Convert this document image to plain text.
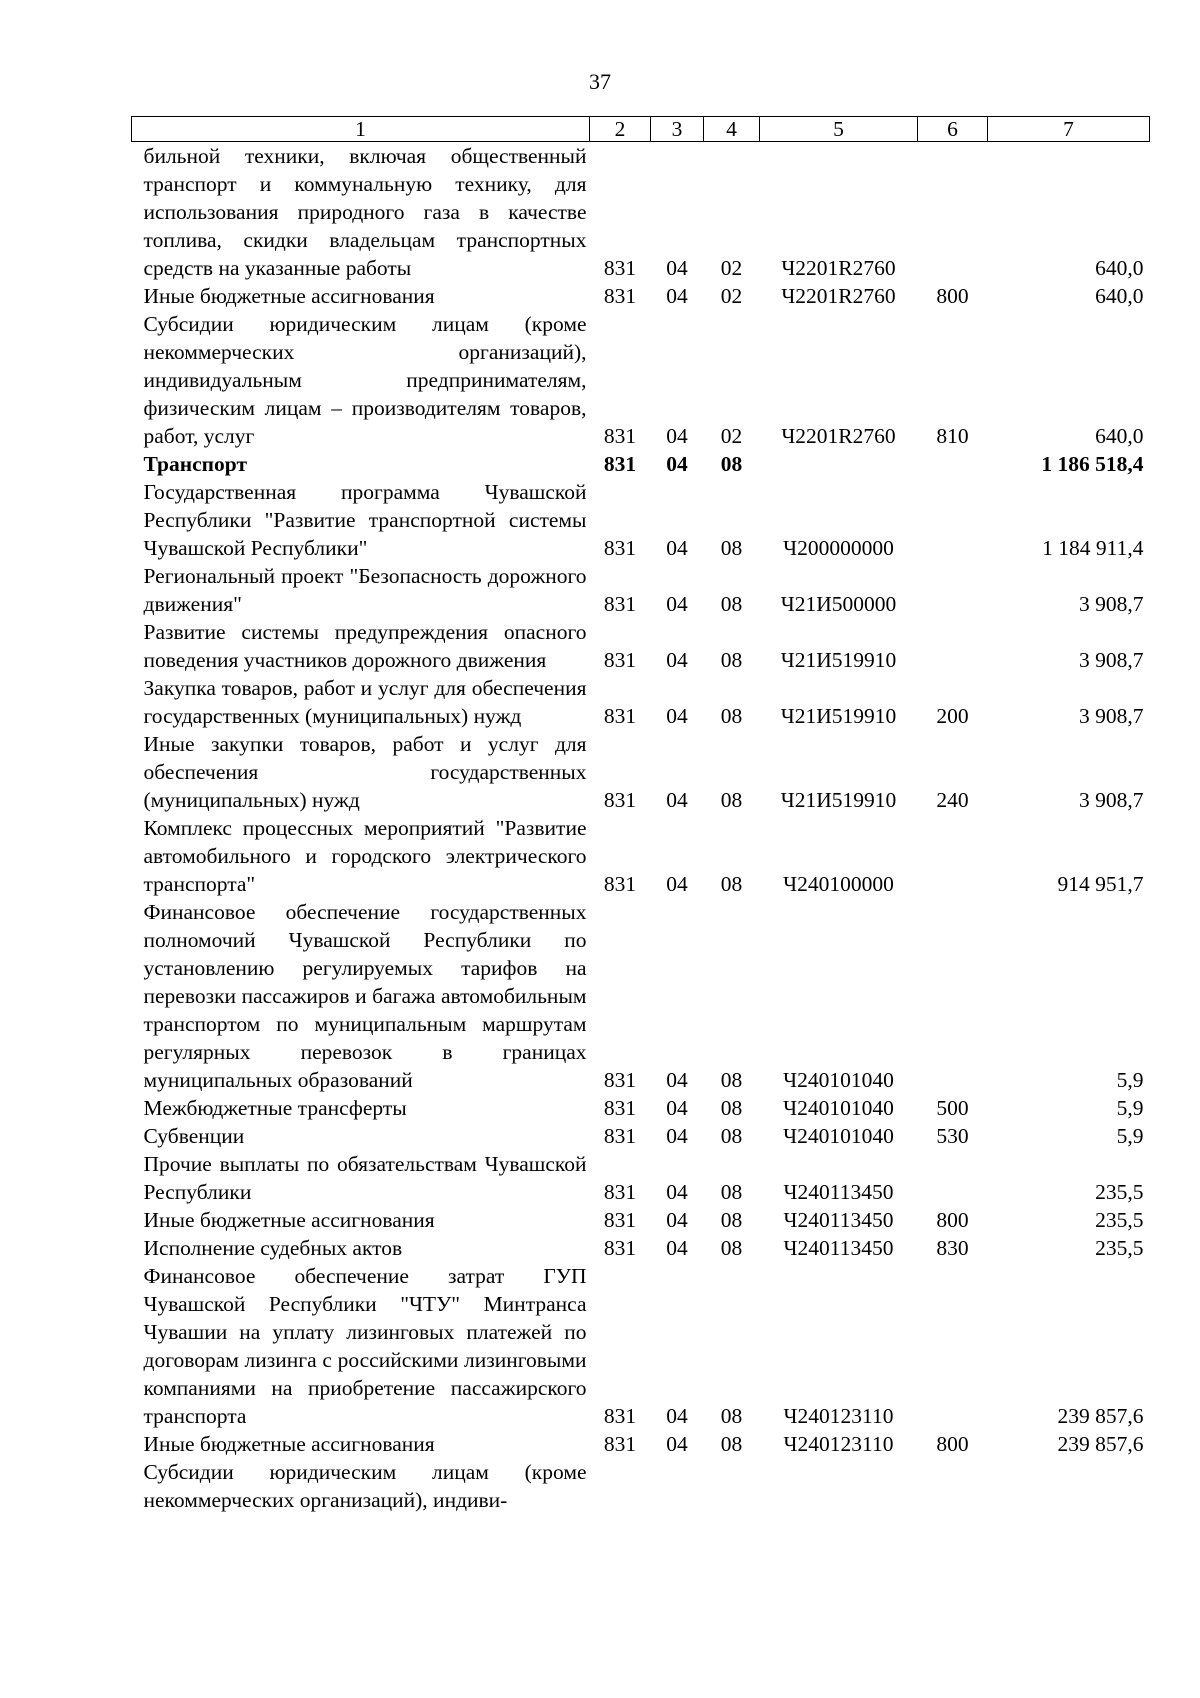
37
1	2	3	4	5	6	7
бильной техники, включая общественный транспорт и коммунальную технику, для использования природного газа в качестве топлива, скидки владельцам транспортных средств на указанные работы	831	04	02	Ч2201R2760		640,0
Иные бюджетные ассигнования	831	04	02	Ч2201R2760	800	640,0
Субсидии юридическим лицам (кроме некоммерческих организаций), индивидуальным предпринимателям, физическим лицам – производителям товаров, работ, услуг	831	04	02	Ч2201R2760	810	640,0
Транспорт	831	04	08			1 186 518,4
Государственная программа Чувашской Республики "Развитие транспортной системы Чувашской Республики"	831	04	08	Ч200000000		1 184 911,4
Региональный проект "Безопасность дорожного движения"	831	04	08	Ч21И500000		3 908,7
Развитие системы предупреждения опасного поведения участников дорожного движения	831	04	08	Ч21И519910		3 908,7
Закупка товаров, работ и услуг для обеспечения государственных (муниципальных) нужд	831	04	08	Ч21И519910	200	3 908,7
Иные закупки товаров, работ и услуг для обеспечения государственных (муниципальных) нужд	831	04	08	Ч21И519910	240	3 908,7
Комплекс процессных мероприятий "Развитие автомобильного и городского электрического транспорта"	831	04	08	Ч240100000		914 951,7
Финансовое обеспечение государственных полномочий Чувашской Республики по установлению регулируемых тарифов на перевозки пассажиров и багажа автомобильным транспортом по муниципальным маршрутам регулярных перевозок в границах муниципальных образований	831	04	08	Ч240101040		5,9
Межбюджетные трансферты	831	04	08	Ч240101040	500	5,9
Субвенции	831	04	08	Ч240101040	530	5,9
Прочие выплаты по обязательствам Чувашской Республики	831	04	08	Ч240113450		235,5
Иные бюджетные ассигнования	831	04	08	Ч240113450	800	235,5
Исполнение судебных актов	831	04	08	Ч240113450	830	235,5
Финансовое обеспечение затрат ГУП Чувашской Республики "ЧТУ" Минтранса Чувашии на уплату лизинговых платежей по договорам лизинга с российскими лизинговыми компаниями на приобретение пассажирского транспорта	831	04	08	Ч240123110		239 857,6
Иные бюджетные ассигнования	831	04	08	Ч240123110	800	239 857,6
Субсидии юридическим лицам (кроме некоммерческих организаций), индиви-						
